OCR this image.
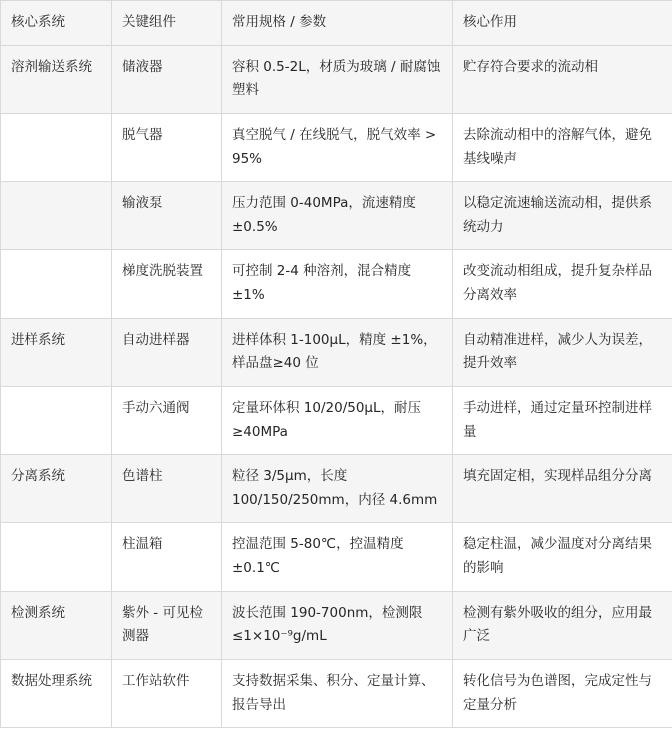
核心系统	关键组件	常用规格 / 参数	核心作用
溶剂输送系统	储液器	容积 0.5-2L，材质为玻璃 / 耐腐蚀塑料	贮存符合要求的流动相
	脱气器	真空脱气 / 在线脱气，脱气效率 > 95%	去除流动相中的溶解气体，避免基线噪声
	输液泵	压力范围 0-40MPa，流速精度 ±0.5%	以稳定流速输送流动相，提供系统动力
	梯度洗脱装置	可控制 2-4 种溶剂，混合精度 ±1%	改变流动相组成，提升复杂样品分离效率
进样系统	自动进样器	进样体积 1-100μL，精度 ±1%，样品盘≥40 位	自动精准进样，减少人为误差，提升效率
	手动六通阀	定量环体积 10/20/50μL，耐压≥40MPa	手动进样，通过定量环控制进样量
分离系统	色谱柱	粒径 3/5μm，长度 100/150/250mm，内径 4.6mm	填充固定相，实现样品组分分离
	柱温箱	控温范围 5-80℃，控温精度 ±0.1℃	稳定柱温，减少温度对分离结果的影响
检测系统	紫外 - 可见检测器	波长范围 190-700nm，检测限≤1×10⁻⁹g/mL	检测有紫外吸收的组分，应用最广泛
数据处理系统	工作站软件	支持数据采集、积分、定量计算、报告导出	转化信号为色谱图，完成定性与定量分析
